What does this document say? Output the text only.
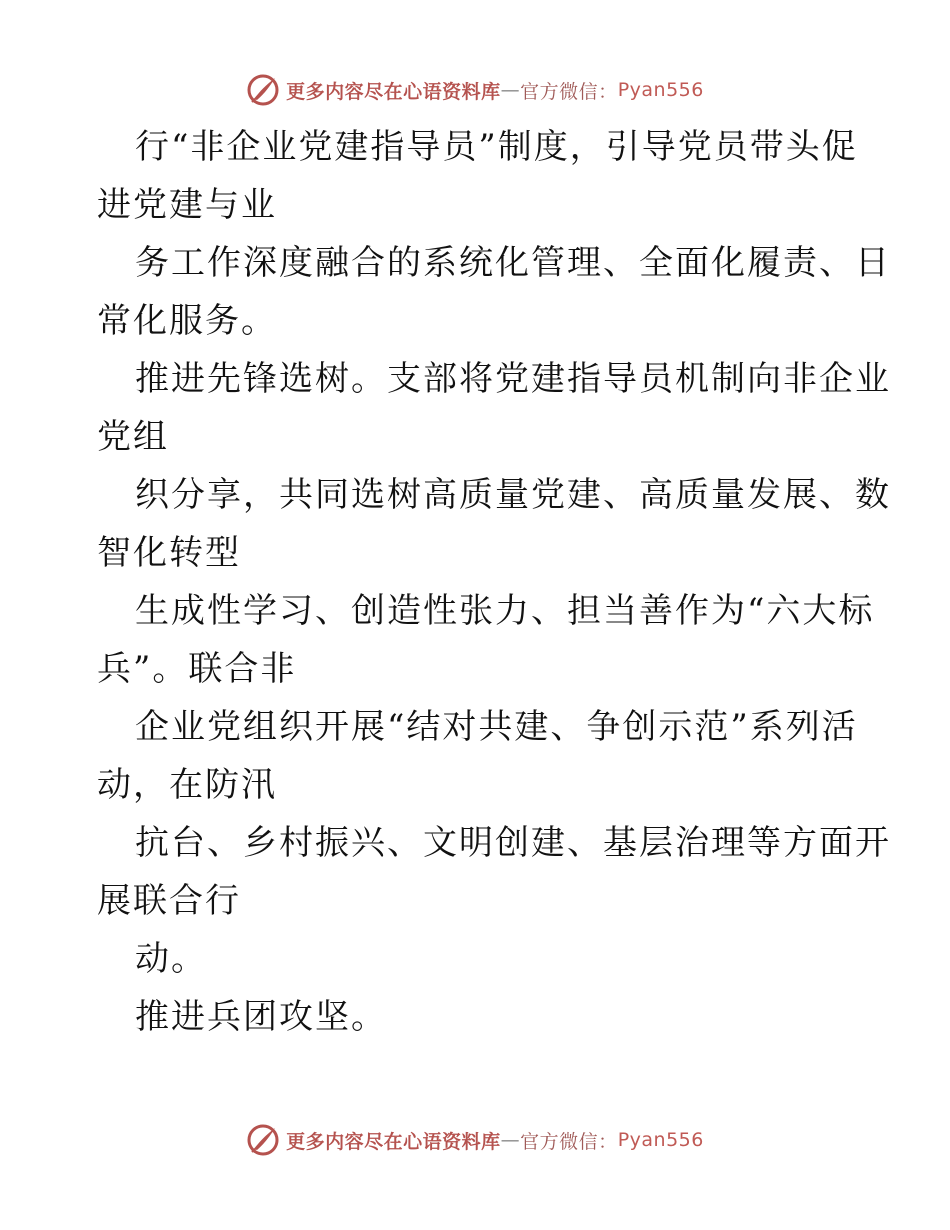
更多内容尽在心语资料库 — 官方微信： Pyan556
行“非企业党建指导员”制度，引导党员带头促
进党建与业
务工作深度融合的系统化管理、全面化履责、日
常化服务。
推进先锋选树。支部将党建指导员机制向非企业
党组
织分享，共同选树高质量党建、高质量发展、数
智化转型
生成性学习、创造性张力、担当善作为“六大标
兵”。联合非
企业党组织开展“结对共建、争创示范”系列活
动，在防汛
抗台、乡村振兴、文明创建、基层治理等方面开
展联合行
动。
推进兵团攻坚。
更多内容尽在心语资料库 — 官方微信： Pyan556
